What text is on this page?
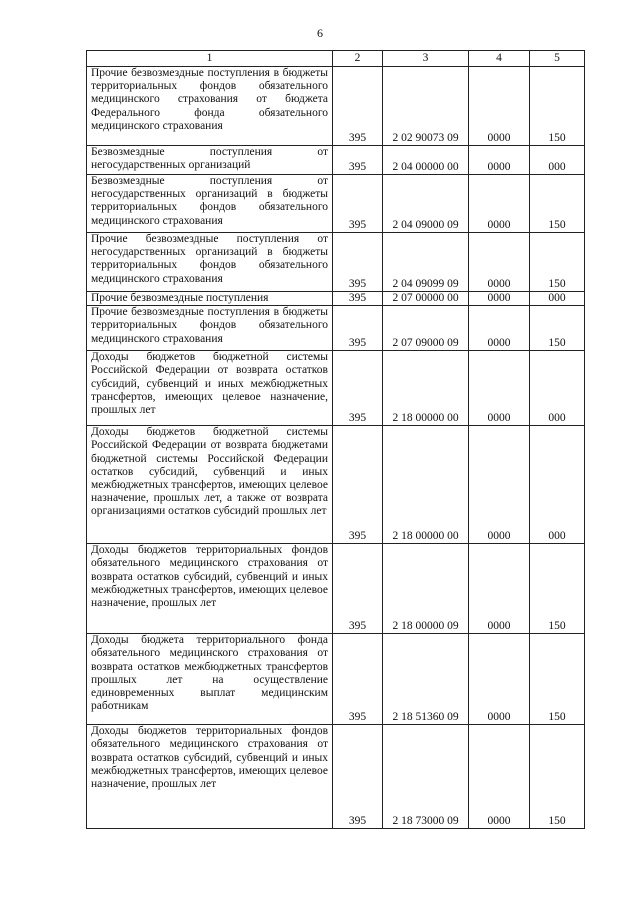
6
1	2	3	4	5
Прочие безвозмездные поступления в бюджеты территориальных фондов обязательного медицинского страхования от бюджета Федерального фонда обязательного медицинского страхования	395	2 02 90073 09	0000	150
Безвозмездные поступления от негосударственных организаций	395	2 04 00000 00	0000	000
Безвозмездные поступления от негосударственных организаций в бюджеты территориальных фондов обязательного медицинского страхования	395	2 04 09000 09	0000	150
Прочие безвозмездные поступления от негосударственных организаций в бюджеты территориальных фондов обязательного медицинского страхования	395	2 04 09099 09	0000	150
Прочие безвозмездные поступления	395	2 07 00000 00	0000	000
Прочие безвозмездные поступления в бюджеты территориальных фондов обязательного медицинского страхования	395	2 07 09000 09	0000	150
Доходы бюджетов бюджетной системы Российской Федерации от возврата остатков субсидий, субвенций и иных межбюджетных трансфертов, имеющих целевое назначение, прошлых лет	395	2 18 00000 00	0000	000
Доходы бюджетов бюджетной системы Российской Федерации от возврата бюджетами бюджетной системы Российской Федерации остатков субсидий, субвенций и иных межбюджетных трансфертов, имеющих целевое назначение, прошлых лет, а также от возврата организациями остатков субсидий прошлых лет	395	2 18 00000 00	0000	000
Доходы бюджетов территориальных фондов обязательного медицинского страхования от возврата остатков субсидий, субвенций и иных межбюджетных трансфертов, имеющих целевое назначение, прошлых лет	395	2 18 00000 09	0000	150
Доходы бюджета территориального фонда обязательного медицинского страхования от возврата остатков межбюджетных трансфертов прошлых лет на осуществление единовременных выплат медицинским работникам	395	2 18 51360 09	0000	150
Доходы бюджетов территориальных фондов обязательного медицинского страхования от возврата остатков субсидий, субвенций и иных межбюджетных трансфертов, имеющих целевое назначение, прошлых лет	395	2 18 73000 09	0000	150
